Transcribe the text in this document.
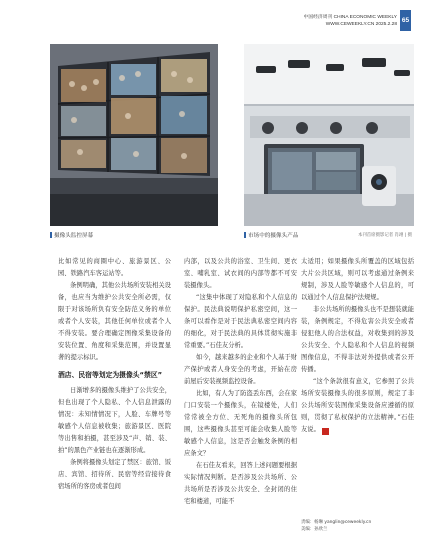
中国经济周刊 CHINA ECONOMIC WEEKLY
WWW.CEWEEKLY.CN 2025.2.28
65
摄像头监控屏幕	市场中的摄像头产品	本刊首席摄影记者 肖翊 | 摄

比如常见的商圈中心、旅游景区、公园、铁路汽车客运站等。

条例明确，其他公共场所安装相关设备，也应当为维护公共安全所必需，仅限于对该场所负有安全防范义务的单位或者个人安装，其他任何单位或者个人不得安装。要合理确定图像采集设备的安装位置、角度和采集范围，并设置显著的提示标识。

酒店、民宿等划定为摄像头“禁区”

日渐增多的摄像头维护了公共安全，但也出现了个人隐私、个人信息泄露的情况：未知情情况下，人脸、车牌号等敏感个人信息被收集；旅游景区、医院等出售和拍摄，甚至涉及“声、销、装、拍”的黑色产业链也在逐渐形成。

条例将摄像头划定了禁区：旅馆、饭店、宾馆、招待所、民宿等经营接待食宿场所的客房或者包间

内部，以及公共的浴室、卫生间、更衣室、哺乳室、试衣间的内部等都不可安装摄像头。

“这集中体现了对隐私和个人信息的保护。民法典说明保护私密空间，这一条可以看作是对于民法典私密空间内容的细化，对于民法典的具体贯彻实施非常重要。”石佳友分析。

如今，越来越多的企业和个人基于财产保护或者人身安全的考虑，开始在房前屋后安装视频监控设备。

比如，有人为了防盗丢东西，会在家门口安装一个摄像头，在镜楼处，人们常常被全方位、无死角的摄像头所包围，这些摄像头甚至可能会收集人脸等敏感个人信息，这是否会触发条例的相应条文？

在石佳友看来，回答上述问题要根据实际情况判断。是否涉及公共场所、公共场所是否涉及公共安全、全封闭的住宅和楼道，可能不

太适用；如果摄像头所覆盖的区域包括大片公共区域，则可以考虑通过条例来规制，涉及人脸等敏感个人信息的，可以通过个人信息保护法规规。

非公共场所的摄像头也不是想装就能装，条例规定，不得危害公共安全或者侵犯他人的合法权益，对收集到的涉及公共安全、个人隐私和个人信息的视频图像信息，不得非法对外提供或者公开传播。

“这个条款很有意义，它参照了公共场所安装摄像头的很多原则，规定了非公共场所安装图像采集设备应遵循的原则，贯彻了私权保护的立法精神。”石佳友说。	中

责编：杨琳 yanglin@ceweekly.cn
美编：孙欣兰
